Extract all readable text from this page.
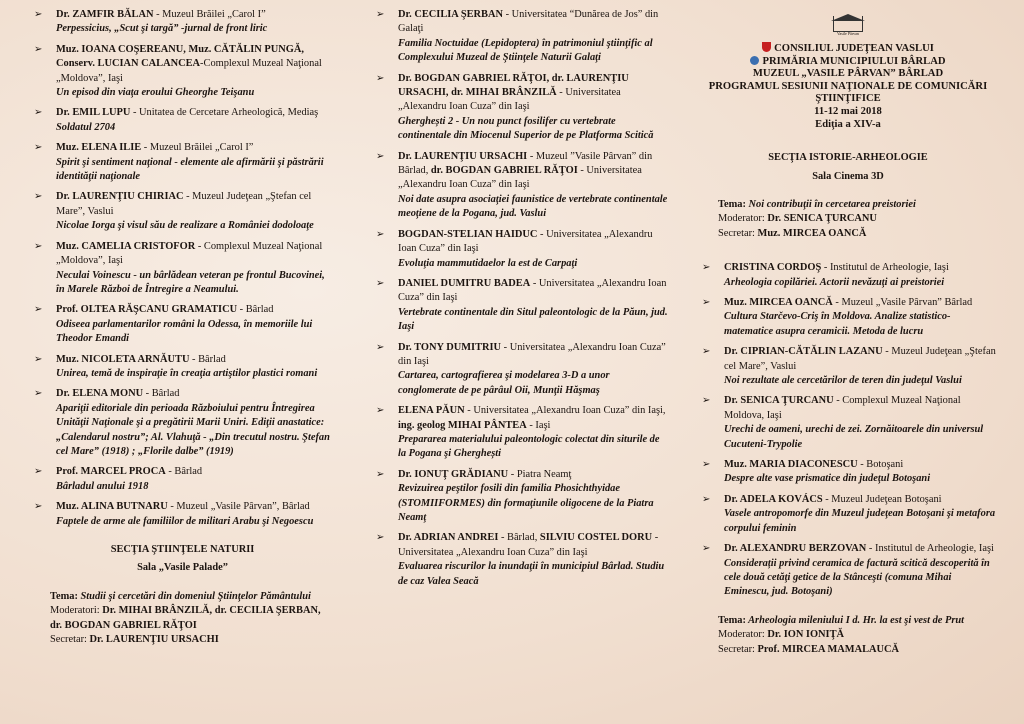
➢ Dr. ZAMFIR BĂLAN - Muzeul Brăilei „Carol I”
Perpessicius, „Scut şi targă” -jurnal de front liric
➢ Muz. IOANA COŞEREANU, Muz. CĂTĂLIN PUNGĂ, Conserv. LUCIAN CALANCEA-Complexul Muzeal Naţional „Moldova”, Iaşi
Un episod din viaţa eroului Gheorghe Teişanu
➢ Dr. EMIL LUPU - Unitatea de Cercetare Arheologică, Mediaş
Soldatul 2704
➢ Muz. ELENA ILIE - Muzeul Brăilei „Carol I”
Spirit şi sentiment naţional - elemente ale afirmării şi păstrării identităţii naţionale
➢ Dr. LAURENŢIU CHIRIAC - Muzeul Judeţean „Ştefan cel Mare”, Vaslui
Nicolae Iorga şi visul său de realizare a României dodoloaţe
➢ Muz. CAMELIA CRISTOFOR - Complexul Muzeal Naţional „Moldova”, Iaşi
Neculai Voinescu - un bârlădean veteran pe frontul Bucovinei, în Marele Război de Întregire a Neamului.
➢ Prof. OLTEA RĂŞCANU GRAMATICU - Bârlad
Odiseea parlamentarilor români la Odessa, în memoriile lui Theodor Emandi
➢ Muz. NICOLETA ARNĂUTU - Bârlad
Unirea, temă de inspiraţie în creaţia artiştilor plastici romani
➢ Dr. ELENA MONU - Bârlad
Apariţii editoriale din perioada Războiului pentru Întregirea Unităţii Naţionale şi a pregătirii Marii Uniri. Ediţii anastatice: „Calendarul nostru”; Al. Vlahuţă - „Din trecutul nostru. Ştefan cel Mare” (1918) ; „Florile dalbe” (1919)
➢ Prof. MARCEL PROCA - Bârlad
Bârladul anului 1918
➢ Muz. ALINA BUTNARU - Muzeul „Vasile Pârvan”, Bârlad
Faptele de arme ale familiilor de militari Arabu şi Negoescu
SECŢIA ŞTIINŢELE NATURII
Sala „Vasile Palade”
Tema: Studii şi cercetări din domeniul Ştiinţelor Pământului
Moderatori: Dr. MIHAI BRÂNZILĂ, dr. CECILIA ŞERBAN, dr. BOGDAN GABRIEL RĂŢOI
Secretar: Dr. LAURENŢIU URSACHI
➢ Dr. CECILIA ŞERBAN - Universitatea “Dunărea de Jos” din Galaţi
Familia Noctuidae (Lepidoptera) în patrimoniul ştiinţific al Complexului Muzeal de Ştiinţele Naturii Galaţi
➢ Dr. BOGDAN GABRIEL RĂŢOI, dr. LAURENŢIU URSACHI, dr. MIHAI BRÂNZILĂ - Universitatea „Alexandru Ioan Cuza” din Iaşi
Gherghești 2 - Un nou punct fosilifer cu vertebrate continentale din Miocenul Superior de pe Platforma Scitică
➢ Dr. LAURENŢIU URSACHI - Muzeul ”Vasile Pârvan” din Bârlad, dr. BOGDAN GABRIEL RĂŢOI - Universitatea „Alexandru Ioan Cuza” din Iaşi
Noi date asupra asociaţiei faunistice de vertebrate continentale meoţiene de la Pogana, jud. Vaslui
➢ BOGDAN-STELIAN HAIDUC - Universitatea „Alexandru Ioan Cuza” din Iaşi
Evoluţia mammutidaelor la est de Carpaţi
➢ DANIEL DUMITRU BADEA - Universitatea „Alexandru Ioan Cuza” din Iaşi
Vertebrate continentale din Situl paleontologic de la Păun, jud. Iaşi
➢ Dr. TONY DUMITRIU - Universitatea „Alexandru Ioan Cuza” din Iaşi
Cartarea, cartografierea şi modelarea 3-D a unor conglomerate de pe pârâul Oii, Munţii Hăşmaş
➢ ELENA PĂUN - Universitatea „Alexandru Ioan Cuza” din Iaşi, ing. geolog MIHAI PÂNTEA - Iaşi
Prepararea materialului paleontologic colectat din siturile de la Pogana şi Gherghești
➢ Dr. IONUŢ GRĂDIANU - Piatra Neamţ
Revizuirea peştilor fosili din familia Phosichthyidae (STOMIIFORMES) din formaţiunile oligocene de la Piatra Neamţ
➢ Dr. ADRIAN ANDREI - Bârlad, SILVIU COSTEL DORU - Universitatea „Alexandru Ioan Cuza” din Iaşi
Evaluarea riscurilor la inundaţii în municipiul Bârlad. Studiu de caz Valea Seacă
Vasile Pârvan
CONSILIUL JUDEŢEAN VASLUI
PRIMĂRIA MUNICIPIULUI BÂRLAD
MUZEUL „VASILE PÂRVAN” BÂRLAD
PROGRAMUL SESIUNII NAŢIONALE DE COMUNICĂRI
ŞTIINŢIFICE
11-12 mai 2018
Ediţia a XIV-a
SECŢIA ISTORIE-ARHEOLOGIE
Sala Cinema 3D
Tema: Noi contribuţii în cercetarea preistoriei
Moderator: Dr. SENICA ŢURCANU
Secretar: Muz. MIRCEA OANCĂ
➢ CRISTINA CORDOŞ - Institutul de Arheologie, Iaşi
Arheologia copilăriei. Actorii nevăzuţi ai preistoriei
➢ Muz. MIRCEA OANCĂ - Muzeul „Vasile Pârvan” Bârlad
Cultura Starčevo-Criş în Moldova. Analize statistico-matematice asupra ceramicii. Metoda de lucru
➢ Dr. CIPRIAN-CĂTĂLIN LAZANU - Muzeul Judeţean „Ştefan cel Mare”, Vaslui
Noi rezultate ale cercetărilor de teren din judeţul Vaslui
➢ Dr. SENICA ŢURCANU - Complexul Muzeal Naţional Moldova, Iaşi
Urechi de oameni, urechi de zei. Zornăitoarele din universul Cucuteni-Trypolie
➢ Muz. MARIA DIACONESCU - Botoşani
Despre alte vase prismatice din judeţul Botoşani
➢ Dr. ADELA KOVÁCS - Muzeul Judeţean Botoşani
Vasele antropomorfe din Muzeul judeţean Botoşani şi metafora corpului feminin
➢ Dr. ALEXANDRU BERZOVAN - Institutul de Arheologie, Iaşi
Considerații privind ceramica de factură scitică descoperită în cele două cetăţi getice de la Stânceşti (comuna Mihai Eminescu, jud. Botoşani)
Tema: Arheologia mileniului I d. Hr. la est şi vest de Prut
Moderator: Dr. ION IONIŢĂ
Secretar: Prof. MIRCEA MAMALAUCĂ
